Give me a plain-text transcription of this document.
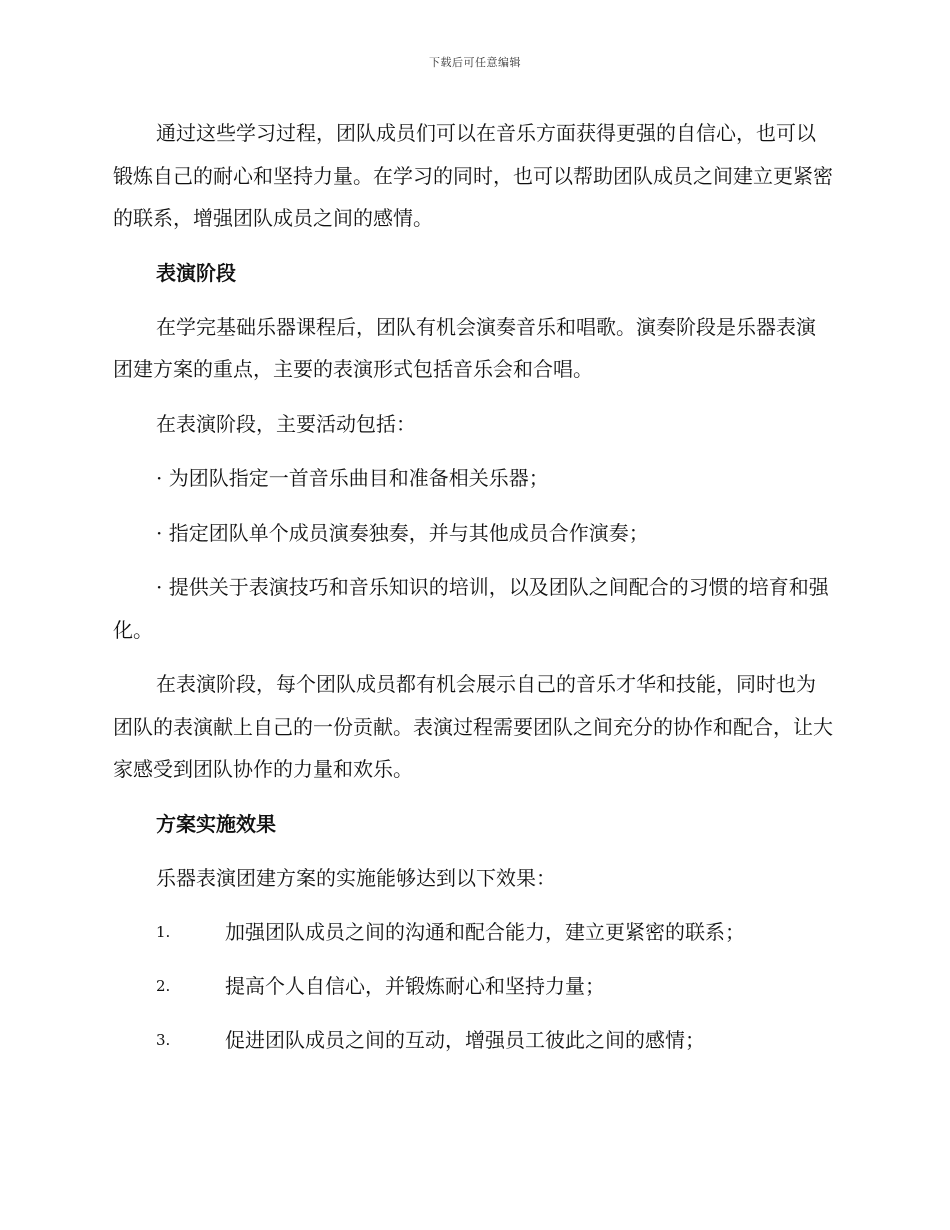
下载后可任意编辑

通过这些学习过程，团队成员们可以在音乐方面获得更强的自信心，也可以锻炼自己的耐心和坚持力量。在学习的同时，也可以帮助团队成员之间建立更紧密的联系，增强团队成员之间的感情。

表演阶段

在学完基础乐器课程后，团队有机会演奏音乐和唱歌。演奏阶段是乐器表演团建方案的重点，主要的表演形式包括音乐会和合唱。

在表演阶段，主要活动包括：

· 为团队指定一首音乐曲目和准备相关乐器；

· 指定团队单个成员演奏独奏，并与其他成员合作演奏；

· 提供关于表演技巧和音乐知识的培训，以及团队之间配合的习惯的培育和强化。

在表演阶段，每个团队成员都有机会展示自己的音乐才华和技能，同时也为团队的表演献上自己的一份贡献。表演过程需要团队之间充分的协作和配合，让大家感受到团队协作的力量和欢乐。

方案实施效果

乐器表演团建方案的实施能够达到以下效果：

1.	加强团队成员之间的沟通和配合能力，建立更紧密的联系；
2.	提高个人自信心，并锻炼耐心和坚持力量；
3.	促进团队成员之间的互动，增强员工彼此之间的感情；
